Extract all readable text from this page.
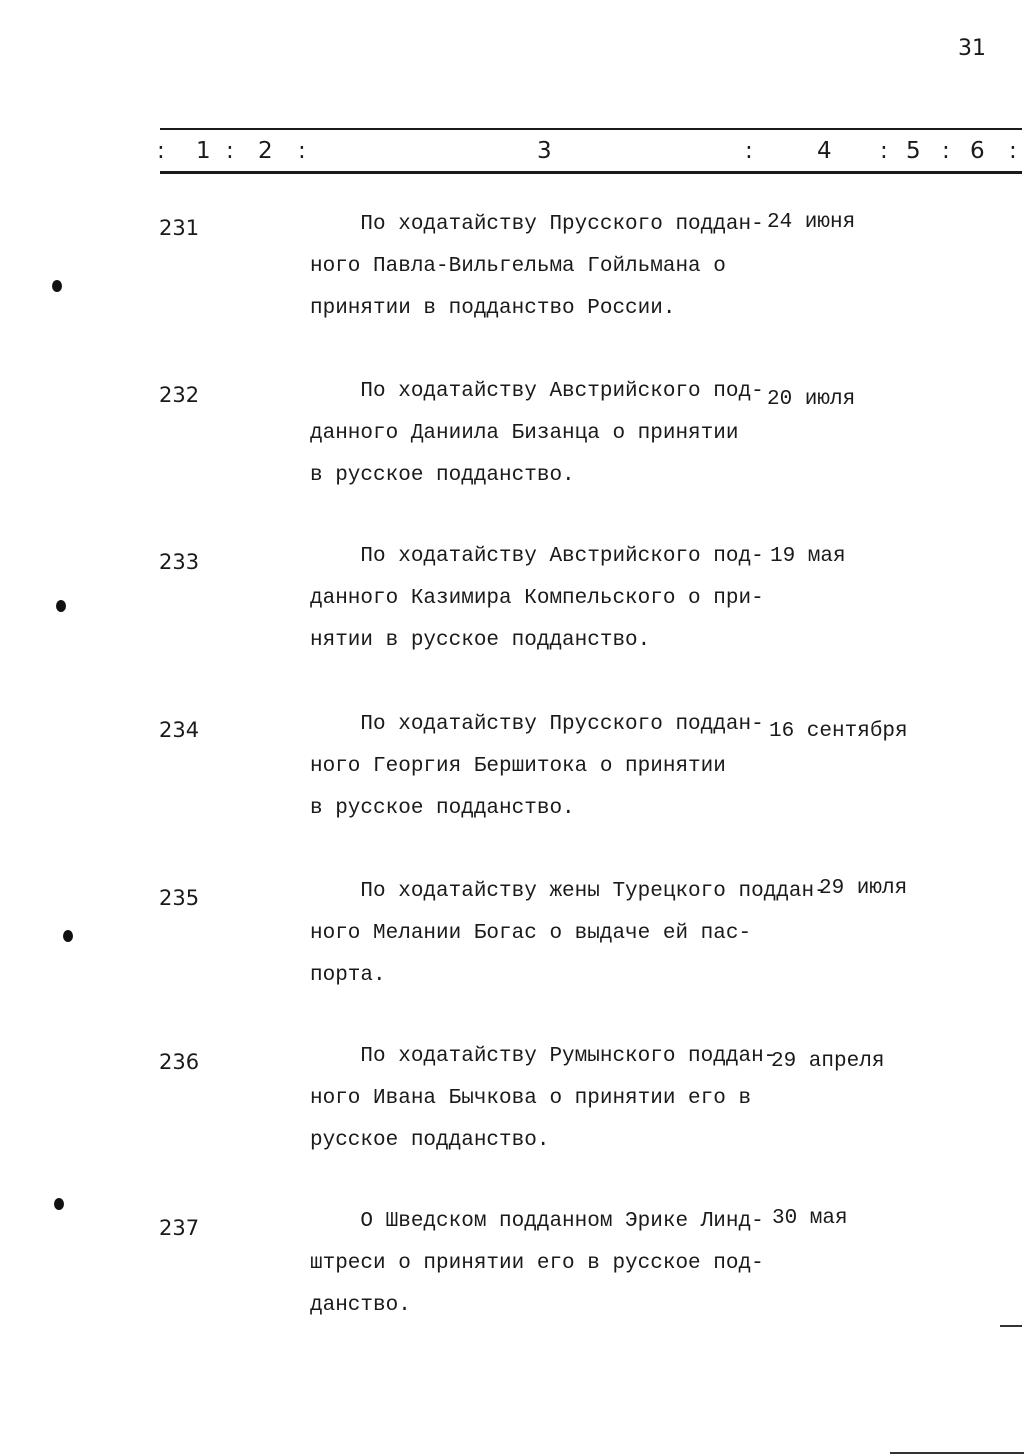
31
: 1 : 2 :	3	:	4 : 5 : 6 :
231	По ходатайству Прусского поддан-
ного Павла-Вильгельма Гойльмана о
принятии в подданство России.
24 июня
232	По ходатайству Австрийского под-
данного Даниила Бизанца о принятии
в русское подданство.
20 июля
233	По ходатайству Австрийского под-
данного Казимира Компельского о при-
нятии в русское подданство.
19 мая
234	По ходатайству Прусского поддан-
ного Георгия Бершитока о принятии
в русское подданство.
16 сентября
235	По ходатайству жены Турецкого поддан-
ного Мелании Богас о выдаче ей пас-
порта.
29 июля
236	По ходатайству Румынского поддан-
ного Ивана Бычкова о принятии его в
русское подданство.
29 апреля
237	О Шведском подданном Эрике Линд-
штреси о принятии его в русское под-
данство.
30 мая
